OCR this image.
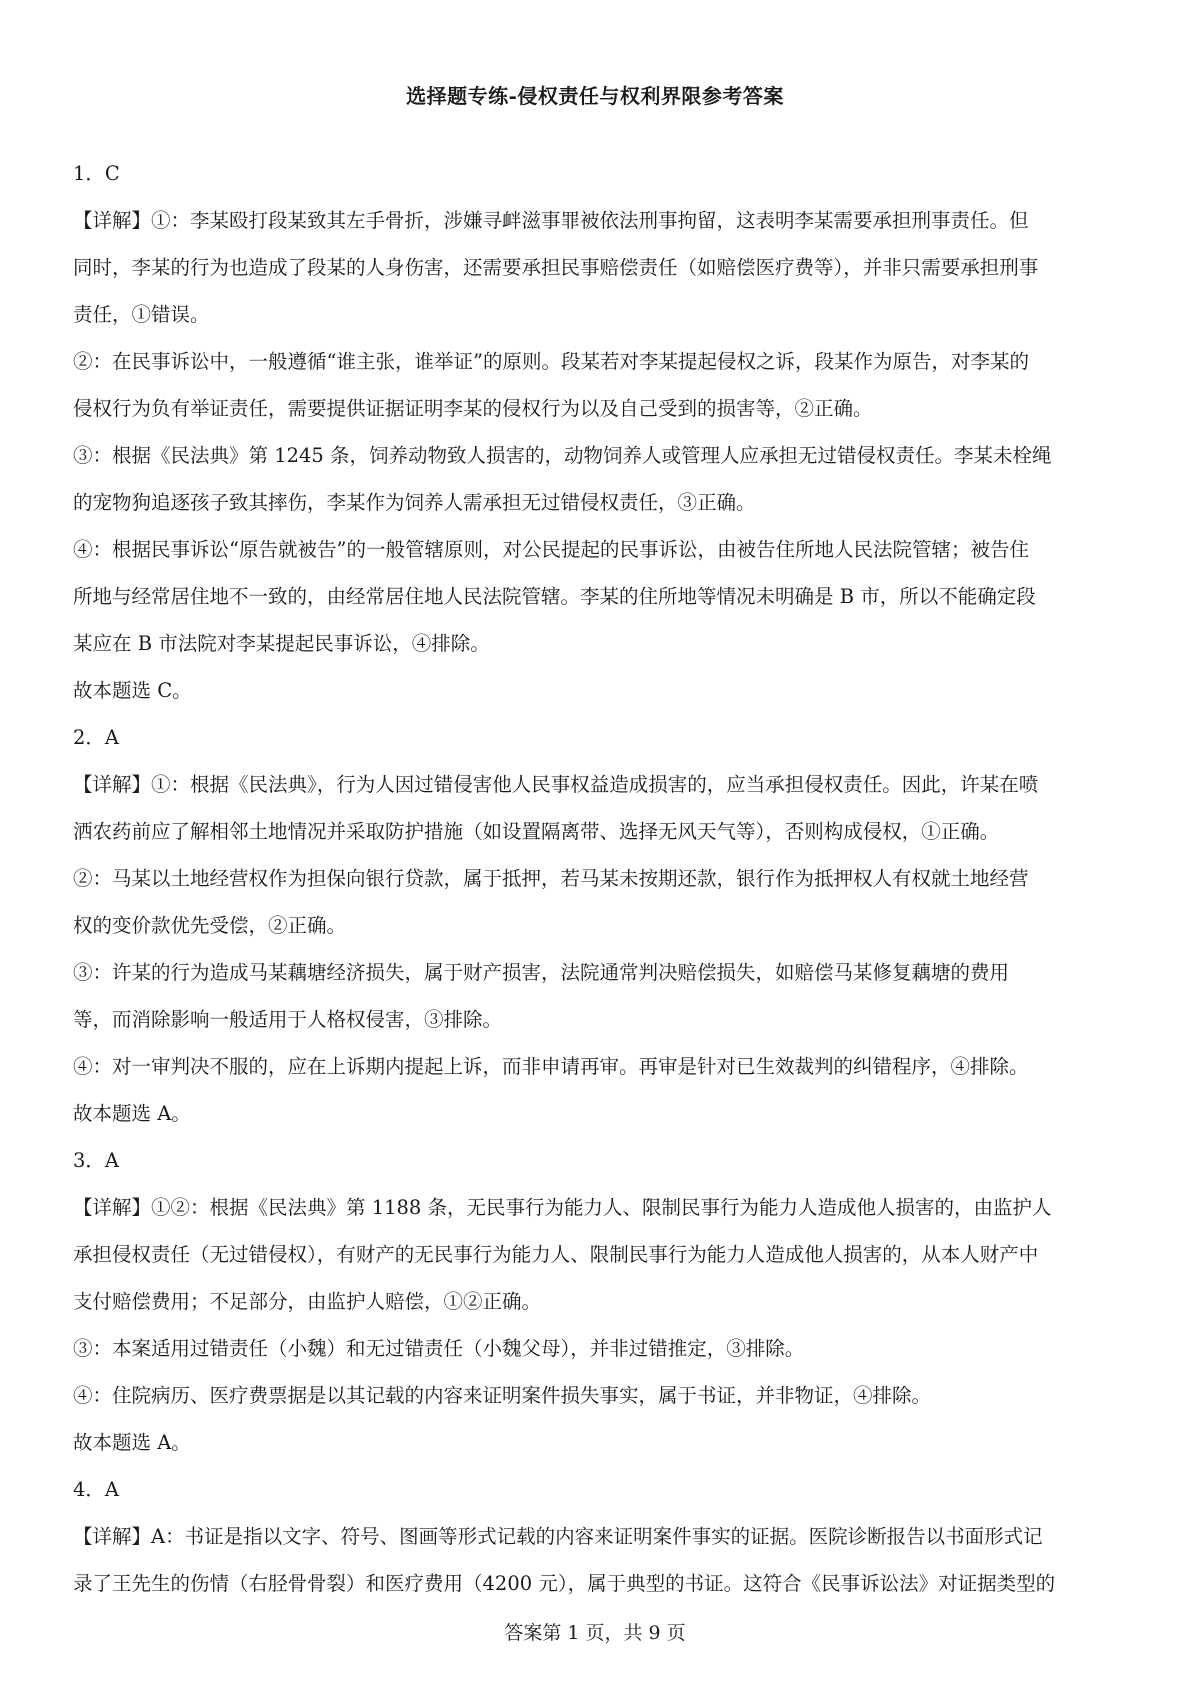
选择题专练-侵权责任与权利界限参考答案
1．C
【详解】①：李某殴打段某致其左手骨折，涉嫌寻衅滋事罪被依法刑事拘留，这表明李某需要承担刑事责任。但
同时，李某的行为也造成了段某的人身伤害，还需要承担民事赔偿责任（如赔偿医疗费等），并非只需要承担刑事
责任，①错误。
②：在民事诉讼中，一般遵循“谁主张，谁举证”的原则。段某若对李某提起侵权之诉，段某作为原告，对李某的
侵权行为负有举证责任，需要提供证据证明李某的侵权行为以及自己受到的损害等，②正确。
③：根据《民法典》第 1245 条，饲养动物致人损害的，动物饲养人或管理人应承担无过错侵权责任。李某未栓绳
的宠物狗追逐孩子致其摔伤，李某作为饲养人需承担无过错侵权责任，③正确。
④：根据民事诉讼“原告就被告”的一般管辖原则，对公民提起的民事诉讼，由被告住所地人民法院管辖；被告住
所地与经常居住地不一致的，由经常居住地人民法院管辖。李某的住所地等情况未明确是 B 市，所以不能确定段
某应在 B 市法院对李某提起民事诉讼，④排除。
故本题选 C。
2．A
【详解】①：根据《民法典》，行为人因过错侵害他人民事权益造成损害的，应当承担侵权责任。因此，许某在喷
洒农药前应了解相邻土地情况并采取防护措施（如设置隔离带、选择无风天气等），否则构成侵权，①正确。
②：马某以土地经营权作为担保向银行贷款，属于抵押，若马某未按期还款，银行作为抵押权人有权就土地经营
权的变价款优先受偿，②正确。
③：许某的行为造成马某藕塘经济损失，属于财产损害，法院通常判决赔偿损失，如赔偿马某修复藕塘的费用
等，而消除影响一般适用于人格权侵害，③排除。
④：对一审判决不服的，应在上诉期内提起上诉，而非申请再审。再审是针对已生效裁判的纠错程序，④排除。
故本题选 A。
3．A
【详解】①②：根据《民法典》第 1188 条，无民事行为能力人、限制民事行为能力人造成他人损害的，由监护人
承担侵权责任（无过错侵权），有财产的无民事行为能力人、限制民事行为能力人造成他人损害的，从本人财产中
支付赔偿费用；不足部分，由监护人赔偿，①②正确。
③：本案适用过错责任（小魏）和无过错责任（小魏父母），并非过错推定，③排除。
④：住院病历、医疗费票据是以其记载的内容来证明案件损失事实，属于书证，并非物证，④排除。
故本题选 A。
4．A
【详解】A：书证是指以文字、符号、图画等形式记载的内容来证明案件事实的证据。医院诊断报告以书面形式记
录了王先生的伤情（右胫骨骨裂）和医疗费用（4200 元），属于典型的书证。这符合《民事诉讼法》对证据类型的
答案第 1 页，共 9 页
